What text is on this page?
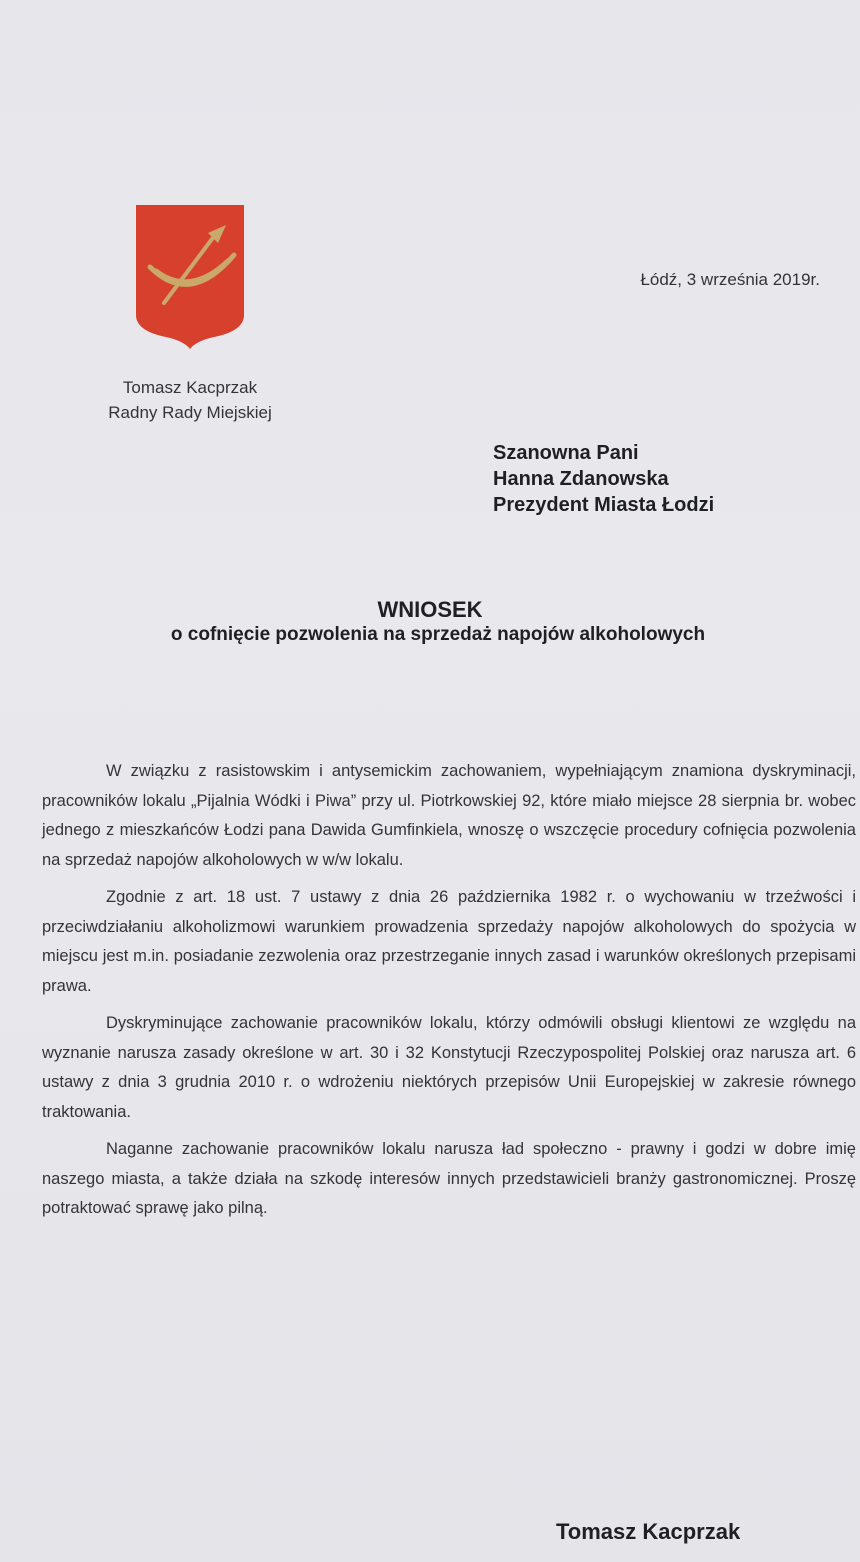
Tomasz Kacprzak
Radny Rady Miejskiej
Łódź, 3 września 2019r.
Szanowna Pani
Hanna Zdanowska
Prezydent Miasta Łodzi
WNIOSEK
o cofnięcie pozwolenia na sprzedaż napojów alkoholowych

W związku z rasistowskim i antysemickim zachowaniem, wypełniającym znamiona dyskryminacji, pracowników lokalu „Pijalnia Wódki i Piwa” przy ul. Piotrkowskiej 92, które miało miejsce 28 sierpnia br. wobec jednego z mieszkańców Łodzi pana Dawida Gumfinkiela, wnoszę o wszczęcie procedury cofnięcia pozwolenia na sprzedaż napojów alkoholowych w w/w lokalu.

Zgodnie z art. 18 ust. 7 ustawy z dnia 26 października 1982 r. o wychowaniu w trzeźwości i przeciwdziałaniu alkoholizmowi warunkiem prowadzenia sprzedaży napojów alkoholowych do spożycia w miejscu jest m.in. posiadanie zezwolenia oraz przestrzeganie innych zasad i warunków określonych przepisami prawa.

Dyskryminujące zachowanie pracowników lokalu, którzy odmówili obsługi klientowi ze względu na wyznanie narusza zasady określone w art. 30 i 32 Konstytucji Rzeczypospolitej Polskiej oraz narusza art. 6 ustawy z dnia 3 grudnia 2010 r. o wdrożeniu niektórych przepisów Unii Europejskiej w zakresie równego traktowania.

Naganne zachowanie pracowników lokalu narusza ład społeczno - prawny i godzi w dobre imię naszego miasta, a także działa na szkodę interesów innych przedstawicieli branży gastronomicznej. Proszę potraktować sprawę jako pilną.

Tomasz Kacprzak
